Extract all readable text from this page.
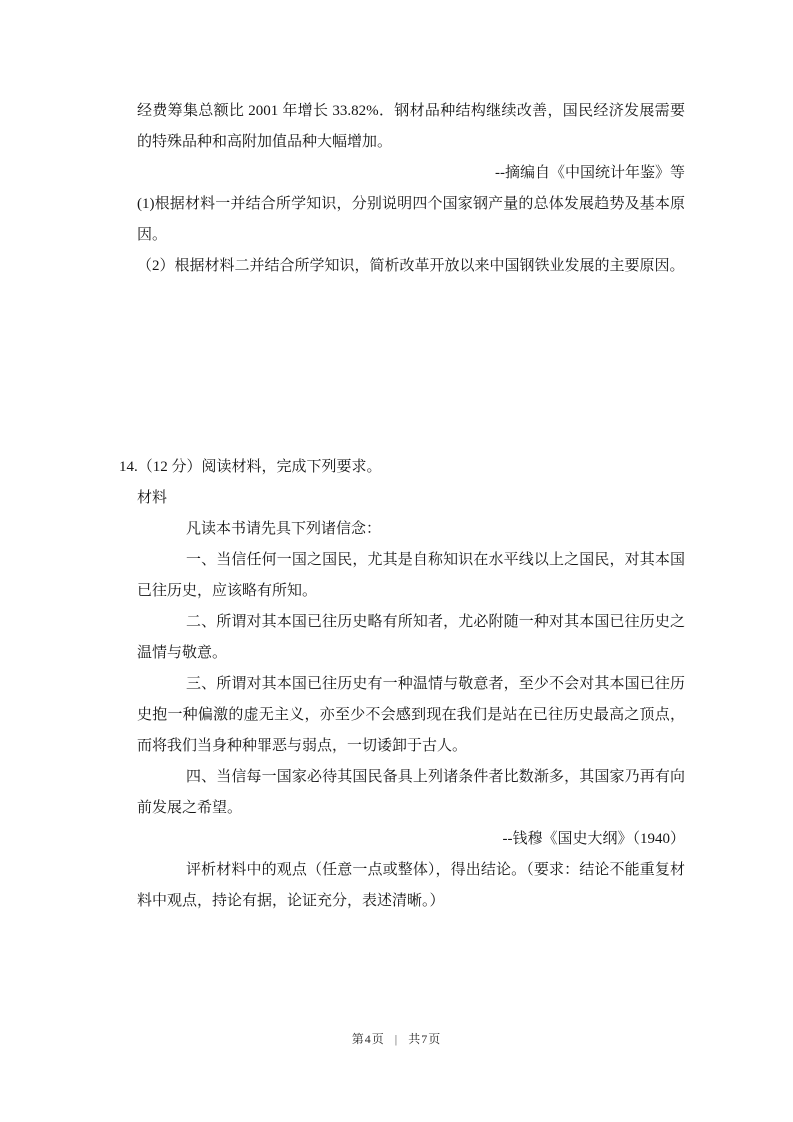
经费筹集总额比 2001 年增长 33.82%．钢材品种结构继续改善，国民经济发展需要的特殊品种和高附加值品种大幅增加。

--摘编自《中国统计年鉴》等

(1)根据材料一并结合所学知识，分别说明四个国家钢产量的总体发展趋势及基本原因。

（2）根据材料二并结合所学知识，简析改革开放以来中国钢铁业发展的主要原因。

14.（12 分）阅读材料，完成下列要求。

材料

凡读本书请先具下列诸信念：

一、当信任何一国之国民，尤其是自称知识在水平线以上之国民，对其本国已往历史，应该略有所知。

二、所谓对其本国已往历史略有所知者，尤必附随一种对其本国已往历史之温情与敬意。

三、所谓对其本国已往历史有一种温情与敬意者，至少不会对其本国已往历史抱一种偏激的虚无主义，亦至少不会感到现在我们是站在已往历史最高之顶点，而将我们当身种种罪恶与弱点，一切诿卸于古人。

四、当信每一国家必待其国民备具上列诸条件者比数渐多，其国家乃再有向前发展之希望。

--钱穆《国史大纲》（1940）

评析材料中的观点（任意一点或整体），得出结论。（要求：结论不能重复材料中观点，持论有据，论证充分，表述清晰。）

第4页 | 共7页
